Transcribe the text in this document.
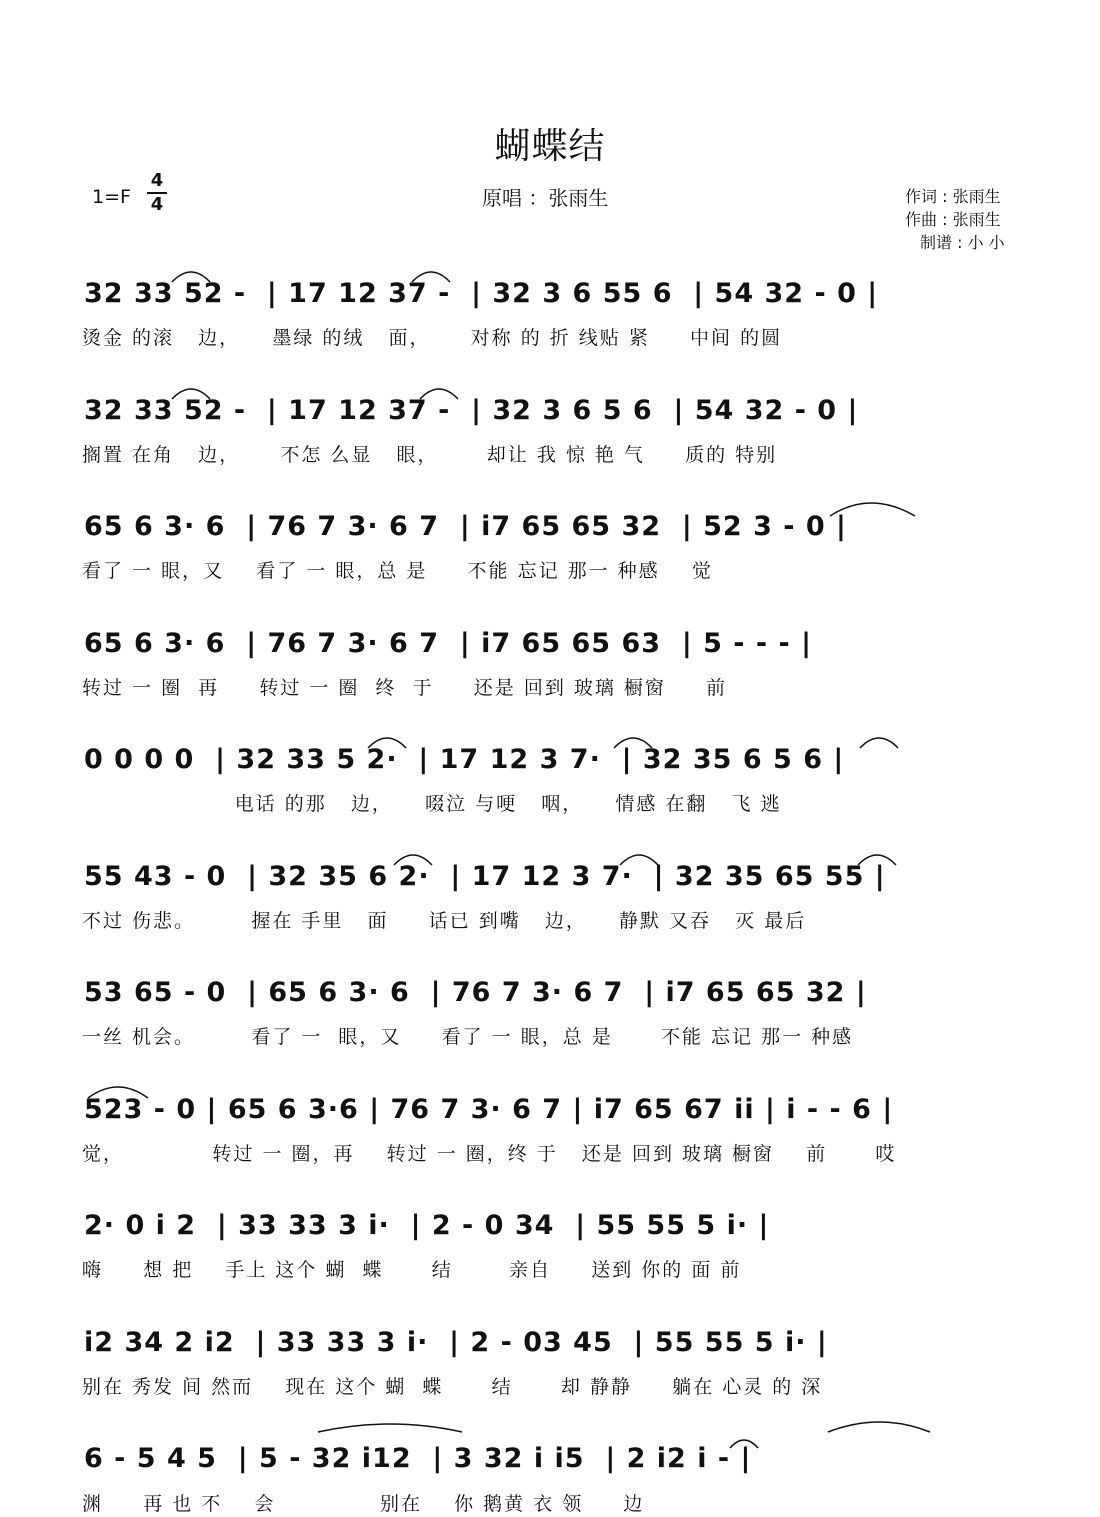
蝴蝶结
1=F
4
4	原唱 ：张雨生	作词 : 张雨生
作曲 : 张雨生
制谱 : 小 小
32 33 52 -  | 17 12 37 -  | 32 3 6 55 6  | 54 32 - 0 |
烫金 的滚   边，    墨绿 的绒   面，     对称 的 折 线贴 紧     中间 的圆
32 33 52 -  | 17 12 37 -  | 32 3 6 5 6  | 54 32 - 0 |
搁置 在角   边，     不怎 么显   眼，      却让 我 惊 艳 气     质的 特别
65 6 3· 6  | 76 7 3· 6 7  | i7 65 65 32  | 52 3 - 0 |
看了 一 眼，又    看了 一 眼，总 是     不能 忘记 那一 种感    觉
65 6 3· 6  | 76 7 3· 6 7  | i7 65 65 63  | 5 - - - |
转过 一 圈  再     转过 一 圈  终  于     还是 回到 玻璃 橱窗     前
0 0 0 0  | 32 33 5 2·  | 17 12 3 7·  | 32 35 6 5 6 |
电话 的那   边，    啜泣 与哽   咽，    情感 在翻   飞 逃
55 43 - 0  | 32 35 6 2·  | 17 12 3 7·  | 32 35 65 55 |
不过 伤悲。       握在 手里   面     话已 到嘴   边，    静默 又吞   灭 最后
53 65 - 0  | 65 6 3· 6  | 76 7 3· 6 7  | i7 65 65 32 |
一丝 机会。       看了 一  眼，又     看了 一 眼，总 是      不能 忘记 那一 种感
523 - 0 | 65 6 3·6 | 76 7 3· 6 7 | i7 65 67 ii | i - - 6 |
觉，           转过 一 圈，再    转过 一 圈，终 于   还是 回到 玻璃 橱窗    前      哎
2· 0 i 2  | 33 33 3 i·  | 2 - 0 34  | 55 55 5 i· |
嗨     想 把    手上 这个 蝴  蝶      结       亲自     送到 你的 面 前
i2 34 2 i2  | 33 33 3 i·  | 2 - 03 45  | 55 55 5 i· |
别在 秀发 间 然而    现在 这个 蝴  蝶      结      却 静静     躺在 心灵 的 深
6 - 5 4 5  | 5 - 32 i12  | 3 32 i i5  | 2 i2 i - |
渊     再 也 不    会             别在    你 鹅黄 衣 领     边
